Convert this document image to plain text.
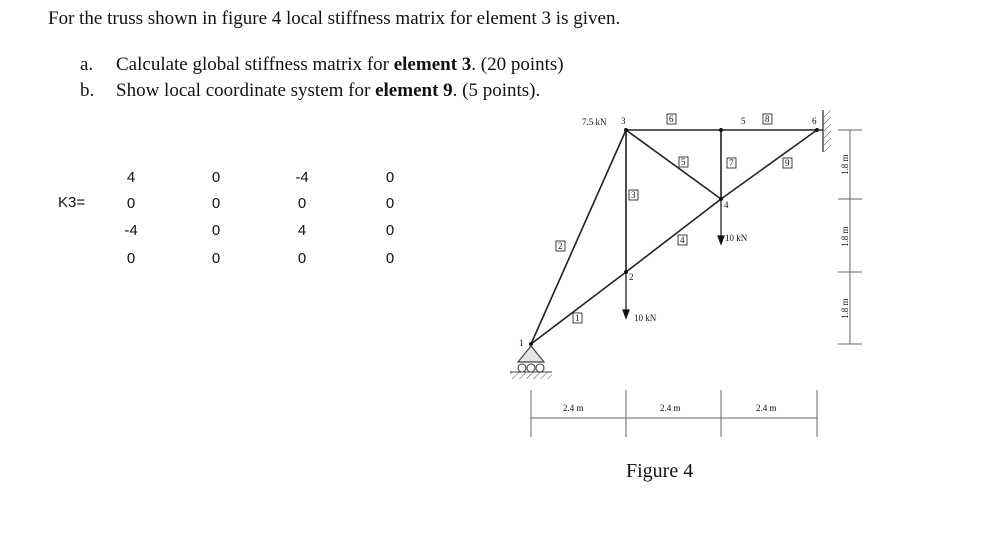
For the truss shown in figure 4 local stiffness matrix for element 3 is given.
a. Calculate global stiffness matrix for element 3. (20 points)
b. Show local coordinate system for element 9. (5 points).
K3=
4	0	-4	0
0	0	0	0
-4	0	4	0
0	0	0	0
7.5 kN
10 kN
10 kN
1
2
3
4
5	6
1
2
3
4
5
6
7
8
9
2.4 m	2.4 m	2.4 m
1.8 m
1.8 m
1.8 m
Figure 4
